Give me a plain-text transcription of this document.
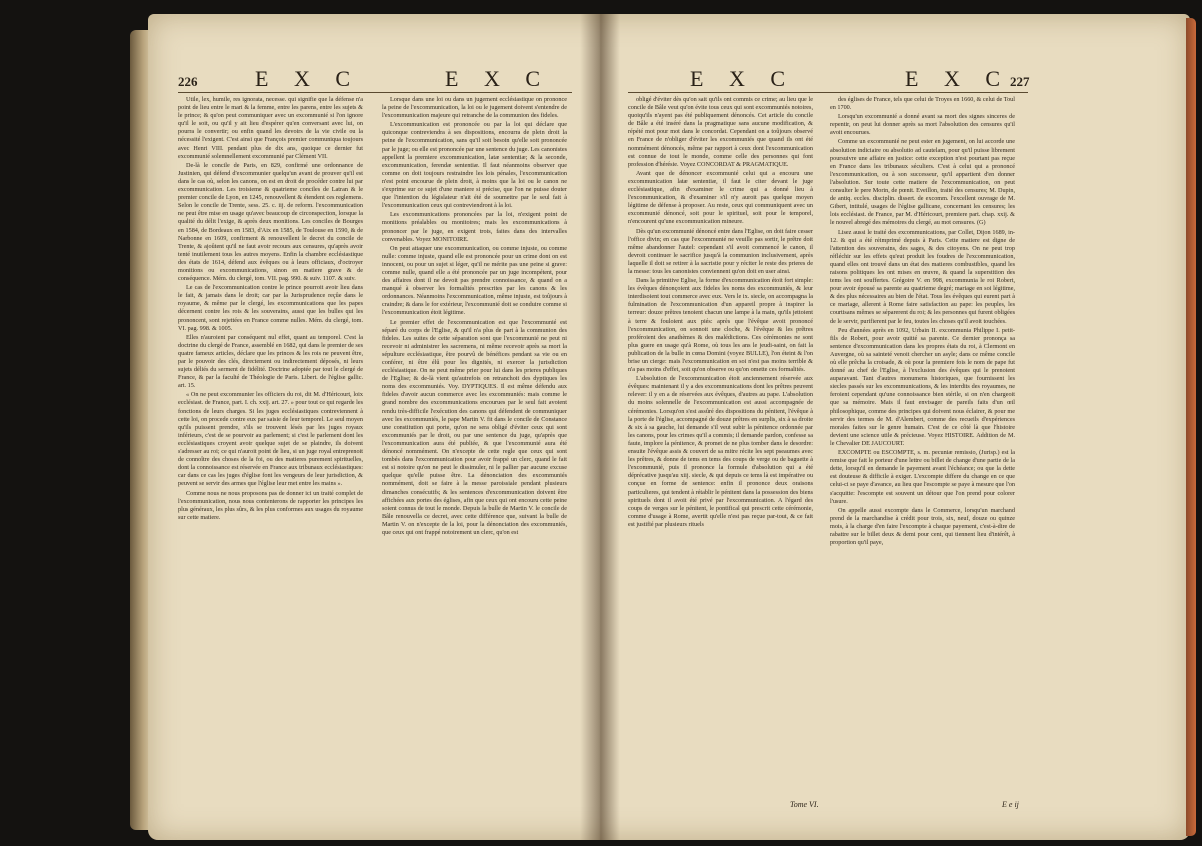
226	E X C	E X C

Utile, lex, humile, res ignorata, necesse. qui signifie que la défense n'a point de lieu entre le mari & la femme, entre les parens, entre les sujets & le prince; & qu'on peut communiquer avec un excommunié si l'on ignore qu'il le soit, ou qu'il y ait lieu d'espérer qu'en conversant avec lui, on pourra le convertir; ou enfin quand les devoirs de la vie civile ou la nécessité l'exigent. C'est ainsi que François premier communiqua toujours avec Henri VIII. pendant plus de dix ans, quoique ce dernier fut excommunié solemnellement excommunié par Clément VII.

De-là le concile de Paris, en 829, confirmé une ordonnance de Justinien, qui défend d'excommunier quelqu'un avant de prouver qu'il est dans le cas où, selon les canons, on est en droit de procéder contre lui par excommunication. Les troisieme & quatrieme conciles de Latran & le premier concile de Lyon, en 1245, renouvellent & étendent ces reglemens. Selon le concile de Trente, sess. 25. c. iij. de reform. l'excommunication ne peut être mise en usage qu'avec beaucoup de circonspection, lorsque la qualité du délit l'exige, & après deux monitions. Les conciles de Bourges en 1584, de Bordeaux en 1583, d'Aix en 1585, de Toulouse en 1590, & de Narbonne en 1609, confirment & renouvellent le decret du concile de Trente, & ajoûtent qu'il ne faut avoir recours aux censures, qu'après avoir tenté inutilement tous les autres moyens. Enfin la chambre ecclésiastique des états de 1614, défend aux évêques ou à leurs officiaux, d'octroyer monitions ou excommunications, sinon en matiere grave & de conséquence. Mém. du clergé, tom. VII. pag. 990. & suiv. 1107. & suiv.

Le cas de l'excommunication contre le prince pourroit avoir lieu dans le fait, & jamais dans le droit; car par la Jurisprudence reçûe dans le royaume, & même par le clergé, les excommunications que les papes décernent contre les rois & les souverains, aussi que les bulles qui les prononcent, sont rejettées en France comme nulles. Mém. du clergé, tom. VI. pag. 998. & 1005.

Elles n'auroient par conséquent nul effet, quant au temporel. C'est la doctrine du clergé de France, assemblé en 1682, qui dans le premier de ses quatre fameux articles, déclare que les princes & les rois ne peuvent être, par le pouvoir des clés, directement ou indirectement déposés, ni leurs sujets déliés du serment de fidélité. Doctrine adoptée par tout le clergé de France, & par la faculté de Théologie de Paris. Libert. de l'église gallic. art. 15.

« On ne peut excommunier les officiers du roi, dit M. d'Héricourt, loix ecclésiast. de France, part. I. ch. xxij. art. 27. » pour tout ce qui regarde les fonctions de leurs charges. Si les juges ecclésiastiques contreviennent à cette loi, on procede contre eux par saisie de leur temporel. Le seul moyen qu'ils puissent prendre, s'ils se trouvent lésés par les juges royaux inférieurs, c'est de se pourvoir au parlement; si c'est le parlement dont les ecclésiastiques croyent avoir quelque sujet de se plaindre, ils doivent s'adresser au roi; ce qui n'auroit point de lieu, si un juge royal entreprenoit de connoître des choses de la foi, ou des matieres purement spirituelles, dont la connoissance est réservée en France aux tribunaux ecclésiastiques: car dans ce cas les juges d'église font les vengeurs de leur jurisdiction, & peuvent se servir des armes que l'église leur met entre les mains ».

Comme nous ne nous proposons pas de donner ici un traité complet de l'excommunication, nous nous contenterons de rapporter les principes les plus généraux, les plus sûrs, & les plus conformes aux usages du royaume sur cette matiere.

Lorsque dans une loi ou dans un jugement ecclésiastique on prononce la peine de l'excommunication, la loi ou le jugement doivent s'entendre de l'excommunication majeure qui retranche de la communion des fideles.

L'excommunication est prononcée ou par la loi qui déclare que quiconque contreviendra à ses dispositions, encourra de plein droit la peine de l'excommunication, sans qu'il soit besoin qu'elle soit prononcée par le juge; ou elle est prononcée par une sentence du juge. Les canonistes appellent la premiere excommunication, latæ sententiæ; & la seconde, excommunication, ferendæ sententiæ. Il faut néanmoins observer que comme on doit toujours restraindre les lois pénales, l'excommunication n'est point encourue de plein droit, à moins que la loi ou le canon ne s'exprime sur ce sujet d'une maniere si précise, que l'on ne puisse douter que l'intention du législateur n'ait été de soumettre par le seul fait à l'excommunication ceux qui contreviendront à la loi.

Les excommunications prononcées par la loi, n'exigent point de monitions préalables ou monitoires; mais les excommunications à prononcer par le juge, en exigent trois, faites dans des intervalles convenables. Voyez MONITOIRE.

On peut attaquer une excommunication, ou comme injuste, ou comme nulle: comme injuste, quand elle est prononcée pour un crime dont on est innocent, ou pour un sujet si léger, qu'il ne mérite pas une peine si grave: comme nulle, quand elle a été prononcée par un juge incompétent, pour des affaires dont il ne devoit pas prendre connoissance, & quand on a manqué à observer les formalités prescrites par les canons & les ordonnances. Néanmoins l'excommunication, même injuste, est toûjours à craindre; & dans le for extérieur, l'excommunié doit se conduire comme si l'excommunication étoit légitime.

Le premier effet de l'excommunication est que l'excommunié est séparé du corps de l'Eglise, & qu'il n'a plus de part à la communion des fideles. Les suites de cette séparation sont que l'excommunié ne peut ni recevoir ni administrer les sacremens, ni même recevoir après sa mort la sépulture ecclésiastique, être pourvû de bénéfices pendant sa vie ou en conférer, ni être élû pour les dignités, ni exercer la jurisdiction ecclésiastique. On ne peut même prier pour lui dans les prieres publiques de l'Eglise; & de-là vient qu'autrefois on retranchoit des dyptiques les noms des excommuniés. Voy. DYPTIQUES. Il est même défendu aux fideles d'avoir aucun commerce avec les excommuniés: mais comme le grand nombre des excommunications encourues par le seul fait avoient rendu très-difficile l'exécution des canons qui défendent de communiquer avec les excommuniés, le pape Martin V. fit dans le concile de Constance une constitution qui porte, qu'on ne sera obligé d'éviter ceux qui sont excommuniés par le droit, ou par une sentence du juge, qu'après que l'excommunication aura été publiée, & que l'excommunié aura été dénoncé nommément. On n'excepte de cette regle que ceux qui sont tombés dans l'excommunication pour avoir frappé un clerc, quand le fait est si notoire qu'on ne peut le dissimuler, ni le pallier par aucune excuse quelque qu'elle puisse être. La dénonciation des excommuniés nommément, doit se faire à la messe paroissiale pendant plusieurs dimanches consécutifs; & les sentences d'excommunication doivent être affichées aux portes des églises, afin que ceux qui ont encouru cette peine soient connus de tout le monde. Depuis la bulle de Martin V. le concile de Bâle renouvella ce decret, avec cette différence que, suivant la bulle de Martin V. on n'excepte de la loi, pour la dénonciation des excommuniés, que ceux qui ont frappé notoirement un clerc, qu'on est

E X C	E X C 227

obligé d'éviter dès qu'on sait qu'ils ont commis ce crime; au lieu que le concile de Bâle veut qu'on évite tous ceux qui sont excommuniés notoires, quoiqu'ils n'ayent pas été publiquement dénoncés. Cet article du concile de Bâle a été inséré dans la pragmatique sans aucune modification, & répété mot pour mot dans le concordat. Cependant on a toûjours observé en France de n'obliger d'éviter les excommuniés que quand ils ont été nommément dénoncés, même par rapport à ceux dont l'excommunication est connue de tout le monde, comme celle des personnes qui font profession d'hérésie. Voyez CONCORDAT & PRAGMATIQUE.

Avant que de dénoncer excommunié celui qui a encouru une excommunication latæ sententiæ, il faut le citer devant le juge ecclésiastique, afin d'examiner le crime qui a donné lieu à l'excommunication, & d'examiner s'il n'y auroit pas quelque moyen légitime de défense à proposer. Au reste, ceux qui communiquent avec un excommunié dénoncé, soit pour le spirituel, soit pour le temporel, n'encourent qu'une excommunication mineure.

Dès qu'un excommunié dénoncé entre dans l'Eglise, on doit faire cesser l'office divin; en cas que l'excommunié ne veuille pas sortir, le prêtre doit même abandonner l'autel: cependant s'il avoit commencé le canon, il devroit continuer le sacrifice jusqu'à la communion inclusivement, après laquelle il doit se retirer à la sacristie pour y réciter le reste des prieres de la messe: tous les canonistes conviennent qu'on doit en user ainsi.

Dans la primitive Eglise, la forme d'excommunication étoit fort simple: les évêques dénonçoient aux fideles les noms des excommuniés, & leur interdisoient tout commerce avec eux. Vers le ix. siecle, on accompagna la fulmination de l'excommunication d'un appareil propre à inspirer la terreur: douze prêtres tenoient chacun une lampe à la main, qu'ils jettoient à terre & fouloient aux piés: après que l'évêque avoit prononcé l'excommunication, on sonnoit une cloche, & l'évêque & les prêtres proféroient des anathèmes & des malédictions. Ces cérémonies ne sont plus guere en usage qu'à Rome, où tous les ans le jeudi-saint, on fait la publication de la bulle in cœna Domini (voyez BULLE), l'on éteint & l'on brise un cierge: mais l'excommunication en soi n'est pas moins terrible & n'a pas moins d'effet, soit qu'on observe ou qu'on omette ces formalités.

L'absolution de l'excommunication étoit anciennement réservée aux évêques: maintenant il y a des excommunications dont les prêtres peuvent relever: il y en a de réservées aux évêques, d'autres au pape. L'absolution du moins solennelle de l'excommunication est aussi accompagnée de cérémonies. Lorsqu'on s'est assûré des dispositions du pénitent, l'évêque à la porte de l'église, accompagné de douze prêtres en surplis, six à sa droite & six à sa gauche, lui demande s'il veut subir la pénitence ordonnée par les canons, pour les crimes qu'il a commis; il demande pardon, confesse sa faute, implore la pénitence, & promet de ne plus tomber dans le desordre: ensuite l'évêque assis & couvert de sa mitre récite les sept pseaumes avec les prêtres, & donne de tems en tems des coups de verge ou de baguette à l'excommunié, puis il prononce la formule d'absolution qui a été déprécative jusqu'au xiij. siecle, & qui depuis ce tems là est impérative ou conçue en forme de sentence: enfin il prononce deux oraisons particulieres, qui tendent à rétablir le pénitent dans la possession des biens spirituels dont il avoit été privé par l'excommunication. A l'égard des coups de verges sur le pénitent, le pontifical qui prescrit cette cérémonie, comme d'usage à Rome, avertit qu'elle n'est pas reçue par-tout, & ce fait est justifié par plusieurs rituels

des églises de France, tels que celui de Troyes en 1660, & celui de Toul en 1700.

Lorsqu'un excommunié a donné avant sa mort des signes sinceres de repentir, on peut lui donner après sa mort l'absolution des censures qu'il avoit encourues.

Comme un excommunié ne peut ester en jugement, on lui accorde une absolution indiciaire ou absolutio ad cautelam, pour qu'il puisse librement poursuivre une affaire en justice: cette exception n'est pourtant pas reçue en France dans les tribunaux séculiers. C'est à celui qui a prononcé l'excommunication, ou à son successeur, qu'il appartient d'en donner l'absolution. Sur toute cette matiere de l'excommunication, on peut consulter le pere Morin, de pœnit. Eveillon, traité des censures; M. Dupin, de antiq. eccles. disciplin. dissert. de excomm. l'excellent ouvrage de M. Gibert, intitulé, usages de l'église gallicane, concernant les censures; les lois ecclésiast. de France, par M. d'Héricourt, premiere part. chap. xxij. & le nouvel abregé des mémoires du clergé, au mot censures. (G)

Lisez aussi le traité des excommunications, par Collet, Dijon 1689, in-12. & qui a été réimprimé depuis à Paris. Cette matiere est digne de l'attention des souverains, des sages, & des citoyens. On ne peut trop réfléchir sur les effets qu'eut produit les foudres de l'excommunication, quand elles ont trouvé dans un état des matieres combustibles, quand les raisons politiques les ont mises en œuvre, & quand la superstition des tems les ont souffertes. Grégoire V. en 998, excommunia le roi Robert, pour avoir épousé sa parente au quatrieme degré; mariage en soi légitime, & des plus nécessaires au bien de l'état. Tous les évêques qui eurent part à ce mariage, allerent à Rome faire satisfaction au pape: les peuples, les courtisans mêmes se séparerent du roi; & les personnes qui furent obligées de le servir, purifierent par le feu, toutes les choses qu'il avoit touchées.

Peu d'années après en 1092, Urbain II. excommunia Philippe I. petit-fils de Robert, pour avoir quitté sa parente. Ce dernier prononça sa sentence d'excommunication dans les propres états du roi, à Clermont en Auvergne, où sa sainteté venoit chercher un asyle; dans ce même concile où elle prêcha la croisade, & où pour la premiere fois le nom de pape fut donné au chef de l'Eglise, à l'exclusion des évêques qui le prenoient auparavant. Tant d'autres monumens historiques, que fournissent les siecles passés sur les excommunications, & les interdits des royaumes, ne feroient cependant qu'une connoissance bien stérile, si on n'en chargeoit que sa mémoire. Mais il faut envisager de pareils faits d'un œil philosophique, comme des principes qui doivent nous éclairer, & pour me servir des termes de M. d'Alembert, comme des recueils d'expériences morales faites sur le genre humain. C'est de ce côté là que l'histoire devient une science utile & précieuse. Voyez HISTOIRE. Addition de M. le Chevalier DE JAUCOURT.

EXCOMPTE ou ESCOMPTE, s. m. pecuniæ remissio, (Jurisp.) est la remise que fait le porteur d'une lettre ou billet de change d'une partie de la dette, lorsqu'il en demande le payement avant l'échéance; ou que la dette est douteuse & difficile à exiger. L'excompte differe du change en ce que celui-ci se paye d'avance, au lieu que l'escompte se paye à mesure que l'on s'acquitte: l'escompte est souvent un détour que l'on prend pour colorer l'usure.

On appelle aussi excompte dans le Commerce, lorsqu'un marchand prend de la marchandise à crédit pour trois, six, neuf, douze ou quinze mois, à la charge d'en faire l'excompte à chaque payement, c'est-à-dire de rabattre sur le billet deux & demi pour cent, qui tiennent lieu d'intérêt, à proportion qu'il paye,

Tome VI.	E e ij
